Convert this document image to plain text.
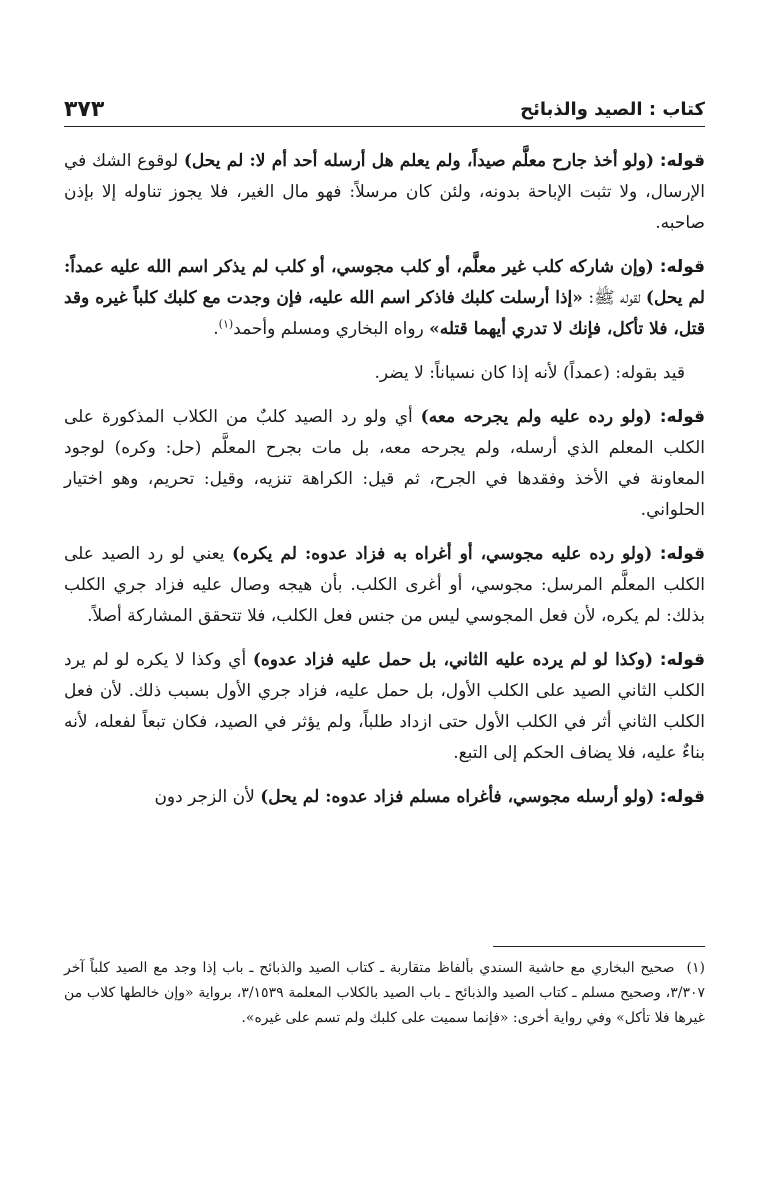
كتاب : الصيد والذبائح
٣٧٣

قوله: (ولو أخذ جارح معلَّم صيداً، ولم يعلم هل أرسله أحد أم لا: لم يحل) لوقوع الشك في الإرسال، ولا تثبت الإباحة بدونه، ولئن كان مرسلاً: فهو مال الغير، فلا يجوز تناوله إلا بإذن صاحبه.

قوله: (وإن شاركه كلب غير معلَّم، أو كلب مجوسي، أو كلب لم يذكر اسم الله عليه عمداً: لم يحل) لقوله ﷺ: «إذا أرسلت كلبك فاذكر اسم الله عليه، فإن وجدت مع كلبك كلباً غيره وقد قتل، فلا تأكل، فإنك لا تدري أيهما قتله» رواه البخاري ومسلم وأحمد$^{(١)}$.

قيد بقوله: (عمداً) لأنه إذا كان نسياناً: لا يضر.

قوله: (ولو رده عليه ولم يجرحه معه) أي ولو رد الصيد كلبٌ من الكلاب المذكورة على الكلب المعلم الذي أرسله، ولم يجرحه معه، بل مات بجرح المعلَّم (حل: وكره) لوجود المعاونة في الأخذ وفقدها في الجرح، ثم قيل: الكراهة تنزيه، وقيل: تحريم، وهو اختيار الحلواني.

قوله: (ولو رده عليه مجوسي، أو أغراه به فزاد عدوه: لم يكره) يعني لو رد الصيد على الكلب المعلَّم المرسل: مجوسي، أو أغرى الكلب. بأن هيجه وصال عليه فزاد جري الكلب بذلك: لم يكره، لأن فعل المجوسي ليس من جنس فعل الكلب، فلا تتحقق المشاركة أصلاً.

قوله: (وكذا لو لم يرده عليه الثاني، بل حمل عليه فزاد عدوه) أي وكذا لا يكره لو لم يرد الكلب الثاني الصيد على الكلب الأول، بل حمل عليه، فزاد جري الأول بسبب ذلك. لأن فعل الكلب الثاني أثر في الكلب الأول حتى ازداد طلباً، ولم يؤثر في الصيد، فكان تبعاً لفعله، لأنه بناءٌ عليه، فلا يضاف الحكم إلى التبع.

قوله: (ولو أرسله مجوسي، فأغراه مسلم فزاد عدوه: لم يحل) لأن الزجر دون

(١)صحيح البخاري مع حاشية السندي بألفاظ متقاربة ـ كتاب الصيد والذبائح ـ باب إذا وجد مع الصيد كلباً آخر ٣/٣٠٧، وصحيح مسلم ـ كتاب الصيد والذبائح ـ باب الصيد بالكلاب المعلمة ٣/١٥٣٩، برواية «وإن خالطها كلاب من غيرها فلا تأكل» وفي رواية أخرى: «فإنما سميت على كلبك ولم تسم على غيره».
